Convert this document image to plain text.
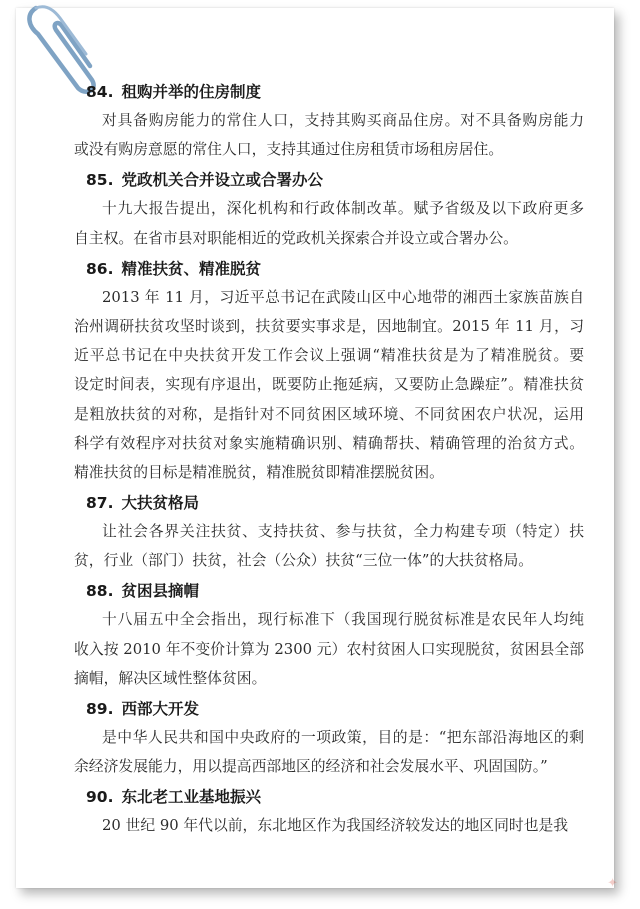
84. 租购并举的住房制度
对具备购房能力的常住人口，支持其购买商品住房。对不具备购房能力
或没有购房意愿的常住人口，支持其通过住房租赁市场租房居住。
85. 党政机关合并设立或合署办公
十九大报告提出，深化机构和行政体制改革。赋予省级及以下政府更多
自主权。在省市县对职能相近的党政机关探索合并设立或合署办公。
86. 精准扶贫、精准脱贫
2013 年 11 月，习近平总书记在武陵山区中心地带的湘西土家族苗族自
治州调研扶贫攻坚时谈到，扶贫要实事求是，因地制宜。2015 年 11 月，习
近平总书记在中央扶贫开发工作会议上强调“精准扶贫是为了精准脱贫。要
设定时间表，实现有序退出，既要防止拖延病，又要防止急躁症”。精准扶贫
是粗放扶贫的对称，是指针对不同贫困区域环境、不同贫困农户状况，运用
科学有效程序对扶贫对象实施精确识别、精确帮扶、精确管理的治贫方式。
精准扶贫的目标是精准脱贫，精准脱贫即精准摆脱贫困。
87. 大扶贫格局
让社会各界关注扶贫、支持扶贫、参与扶贫，全力构建专项（特定）扶
贫，行业（部门）扶贫，社会（公众）扶贫“三位一体”的大扶贫格局。
88. 贫困县摘帽
十八届五中全会指出，现行标准下（我国现行脱贫标准是农民年人均纯
收入按 2010 年不变价计算为 2300 元）农村贫困人口实现脱贫，贫困县全部
摘帽，解决区域性整体贫困。
89. 西部大开发
是中华人民共和国中央政府的一项政策，目的是：“把东部沿海地区的剩
余经济发展能力，用以提高西部地区的经济和社会发展水平、巩固国防。”
90. 东北老工业基地振兴
20 世纪 90 年代以前，东北地区作为我国经济较发达的地区同时也是我
✦
